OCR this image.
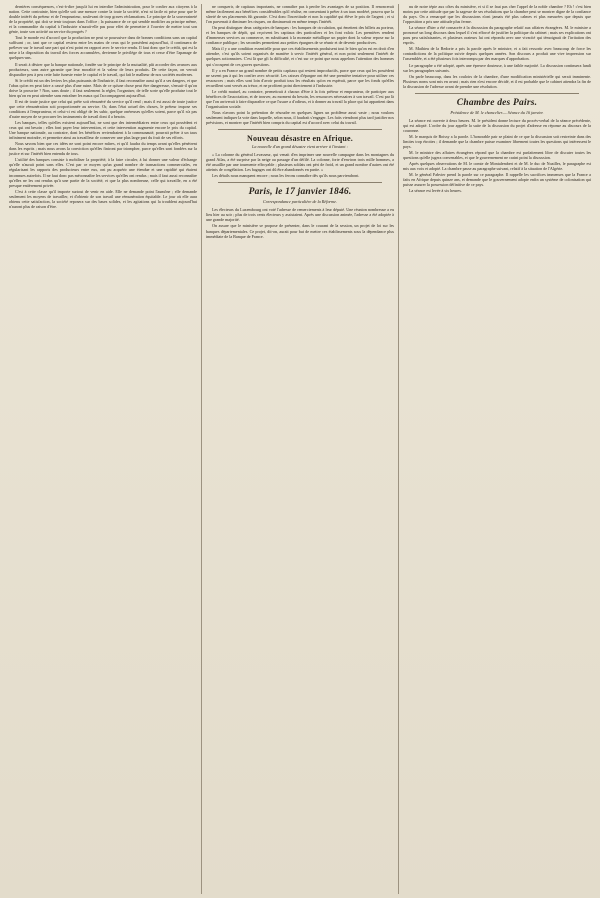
dernières conséquences, c'est-à-dire jusqu'à lui en interdire l'administration, pour le confier aux citoyens à la nation. Cette contrainte, bien qu'elle soit une mesure contre la toute la société, n'est ni facile ni prise pour que le double intérêt du préteur et de l'emprunteur, soulevant de trop graves réclamations. Le principe de la souveraineté de la propriété, qui doit se tenir toujours dans l'office ; la puissance de ce qui semble modifier au principe même, et la commandite du capital à l'industrie n'aurait-elle pas pour effet de permettre à l'ouvrier de mettre tout son génie, toute son activité au service du progrès ?

Tout le monde est d'accord que la production ne peut se poursuivre dans de bonnes conditions sans un capital suffisant ; or, tant que ce capital restera entre les mains de ceux qui le possèdent aujourd'hui, il continuera de prélever sur le travail une part qui n'est point en rapport avec le service rendu. Il faut donc que le crédit, qui est la mise à la disposition du travail des forces accumulées, devienne le privilège de tous et cesse d'être l'apanage de quelques-uns.

Il serait à désirer que la banque nationale, fondée sur le principe de la mutualité, pût accorder des avances aux producteurs, sans autre garantie que leur moralité et la valeur de leurs produits. De cette façon, on verrait disparaître peu à peu cette lutte funeste entre le capital et le travail, qui fait le malheur de nos sociétés modernes.

Si le crédit est un des leviers les plus puissants de l'industrie, il faut reconnaître aussi qu'il a ses dangers, et que l'abus qu'on en peut faire a causé plus d'une ruine. Mais de ce qu'une chose peut être dangereuse, s'ensuit-il qu'on doive la proscrire ? Non, sans doute ; il faut seulement la régler, l'organiser, de telle sorte qu'elle produise tout le bien qu'on en peut attendre sans entraîner les maux qui l'accompagnent aujourd'hui.

Il est de toute justice que celui qui prête soit rémunéré du service qu'il rend ; mais il est aussi de toute justice que cette rémunération soit proportionnée au service. Or, dans l'état actuel des choses, le préteur impose ses conditions à l'emprunteur, et celui-ci est obligé de les subir, quelque onéreuses qu'elles soient, parce qu'il n'a pas d'autre moyen de se procurer les instruments de travail dont il a besoin.

Les banques, telles qu'elles existent aujourd'hui, ne sont que des intermédiaires entre ceux qui possèdent et ceux qui ont besoin ; elles font payer leur intervention, et cette intervention augmente encore le prix du capital. Une banque nationale, au contraire, dont les bénéfices reviendraient à la communauté, pourrait prêter à un taux infiniment moindre, et permettre ainsi au travailleur de conserver une plus large part du fruit de ses efforts.

Nous savons bien que ces idées ne sont point encore mûres, et qu'il faudra du temps avant qu'elles pénètrent dans les esprits ; mais nous avons la conviction qu'elles finiront par triompher, parce qu'elles sont fondées sur la justice et sur l'intérêt bien entendu de tous.

L'utilité des banques consiste à mobiliser la propriété, à la faire circuler, à lui donner une valeur d'échange qu'elle n'aurait point sans elles. C'est par ce moyen qu'un grand nombre de transactions commerciales, en régularisant les rapports des producteurs entre eux, ont pu acquérir une étendue et une rapidité qui étaient inconnues autrefois. Il ne faut donc pas méconnaître les services qu'elles ont rendus ; mais il faut aussi reconnaître qu'elles ne les ont rendus qu'à une partie de la société, et que la plus nombreuse, celle qui travaille, en a été presque entièrement privée.

C'est à cette classe qu'il importe surtout de venir en aide. Elle ne demande point l'aumône ; elle demande seulement les moyens de travailler, et d'obtenir de son travail une rémunération équitable. Le jour où elle aura obtenu cette satisfaction, la société reposera sur des bases solides, et les agitations qui la troublent aujourd'hui n'auront plus de raison d'être.

ne conquerir, de capitaux importants, ne connaître pas à perdre les avantages de sa position. Il renoncerait même facilement aux bénéfices considérables qu'il réalise, en consentant à prêter à un taux modéré, pourvu que la sûreté de ses placements fût garantie. C'est donc l'incertitude et non la cupidité qui élève le prix de l'argent ; et si l'on parvenait à diminuer les risques, on diminuerait en même temps l'intérêt.

On peut distinguer deux catégories de banques : les banques de circulation, qui émettent des billets au porteur, et les banques de dépôt, qui reçoivent les capitaux des particuliers et les font valoir. Les premières rendent d'immenses services au commerce, en substituant à la monnaie métallique un papier dont la valeur repose sur la confiance publique ; les secondes permettent aux petites épargnes de se réunir et de devenir productives.

Mais il y a une condition essentielle pour que ces établissements produisent tout le bien qu'on est en droit d'en attendre, c'est qu'ils soient organisés de manière à servir l'intérêt général, et non point seulement l'intérêt de quelques actionnaires. C'est là que gît la difficulté, et c'est sur ce point que nous appelons l'attention des hommes qui s'occupent de ces graves questions.

Il y a en France un grand nombre de petits capitaux qui restent improductifs, parce que ceux qui les possèdent ne savent pas à qui les confier avec sécurité. Les caisses d'épargne ont été une première tentative pour utiliser ces ressources ; mais elles sont loin d'avoir produit tous les résultats qu'on en espérait, parce que les fonds qu'elles recueillent sont versés au trésor, et ne profitent point directement à l'industrie.

Le crédit mutuel, au contraire, permettrait à chacun d'être à la fois prêteur et emprunteur, de participer aux bénéfices de l'association, et de trouver, au moment du besoin, les ressources nécessaires à son travail. C'est par là que l'on arriverait à faire disparaître ce que l'usure a d'odieux, et à donner au travail la place qui lui appartient dans l'organisation sociale.

Nous n'avons point la prétention de résoudre en quelques lignes un problème aussi vaste ; nous voulons seulement indiquer la voie dans laquelle, selon nous, il faudrait s'engager. Les faits viendront plus tard justifier nos prévisions, et montrer que l'intérêt bien compris du capital est d'accord avec celui du travail.

Nouveau désastre en Afrique.
La nouvelle d'un grand désastre vient arriver à l'instant :

« La colonne du général Levasseur, qui venait d'en imprimer une nouvelle campagne dans les montagnes du grand Atlas, a été surprise par la neige au passage d'un défilé. La colonne, forte d'environ trois mille hommes, a été assaillie par une tourmente effroyable ; plusieurs soldats ont péri de froid, et un grand nombre d'autres ont été atteints de congélation. Les bagages ont dû être abandonnés en partie. »

Les détails nous manquent encore ; nous les ferons connaître dès qu'ils nous parviendront.

Paris, le 17 janvier 1846.
Correspondance particulière de la Réforme.

Les électeurs du Luxembourg ont voté l'adresse de remerciements à leur député. Une réunion nombreuse a eu lieu hier au soir ; plus de trois cents électeurs y assistaient. Après une discussion animée, l'adresse a été adoptée à une grande majorité.

On assure que le ministère se propose de présenter, dans le courant de la session, un projet de loi sur les banques départementales. Ce projet, dit-on, aurait pour but de mettre ces établissements sous la dépendance plus immédiate de la Banque de France.

nu de notre tépie aux côtes du ministère, et si il se faut pas cher l'appel de la noble chambre ? Eh ! c'est bien moins par cette attitude que par la sagesse de ses résolutions que la chambre peut se montrer digne de la confiance du pays. On a remarqué que les discussions n'ont jamais été plus calmes et plus mesurées que depuis que l'opposition a pris une attitude plus ferme.

La séance d'hier a été consacrée à la discussion du paragraphe relatif aux affaires étrangères. M. le ministre a prononcé un long discours dans lequel il s'est efforcé de justifier la politique du cabinet ; mais ses explications ont paru peu satisfaisantes, et plusieurs orateurs lui ont répondu avec une vivacité qui témoignait de l'irritation des esprits.

M. Mathieu de la Redorte a pris la parole après le ministre, et a fait ressortir avec beaucoup de force les contradictions de la politique suivie depuis quelques années. Son discours a produit une vive impression sur l'assemblée, et a été plusieurs fois interrompu par des marques d'approbation.

Le paragraphe a été adopté, après une épreuve douteuse, à une faible majorité. La discussion continuera lundi sur les paragraphes suivants.

On parle beaucoup, dans les couloirs de la chambre, d'une modification ministérielle qui serait imminente. Plusieurs noms sont mis en avant ; mais rien n'est encore décidé, et il est probable que le cabinet attendra la fin de la discussion de l'adresse avant de prendre une résolution.

Chambre des Pairs.
Présidence de M. le chancelier.— Séance du 16 janvier.

La séance est ouverte à deux heures. M. le président donne lecture du procès-verbal de la séance précédente, qui est adopté. L'ordre du jour appelle la suite de la discussion du projet d'adresse en réponse au discours de la couronne.

M. le marquis de Boissy a la parole. L'honorable pair se plaint de ce que la discussion soit restreinte dans des limites trop étroites ; il demande que la chambre puisse examiner librement toutes les questions qui intéressent le pays.

M. le ministre des affaires étrangères répond que la chambre est parfaitement libre de discuter toutes les questions qu'elle jugera convenables, et que le gouvernement ne craint point la discussion.

Après quelques observations de M. le comte de Montalembert et de M. le duc de Noailles, le paragraphe est mis aux voix et adopté. La chambre passe au paragraphe suivant, relatif à la situation de l'Algérie.

M. le général Fabvier prend la parole sur ce paragraphe. Il rappelle les sacrifices immenses que la France a faits en Afrique depuis quinze ans, et demande que le gouvernement adopte enfin un système de colonisation qui puisse assurer la possession définitive de ce pays.

La séance est levée à six heures.
